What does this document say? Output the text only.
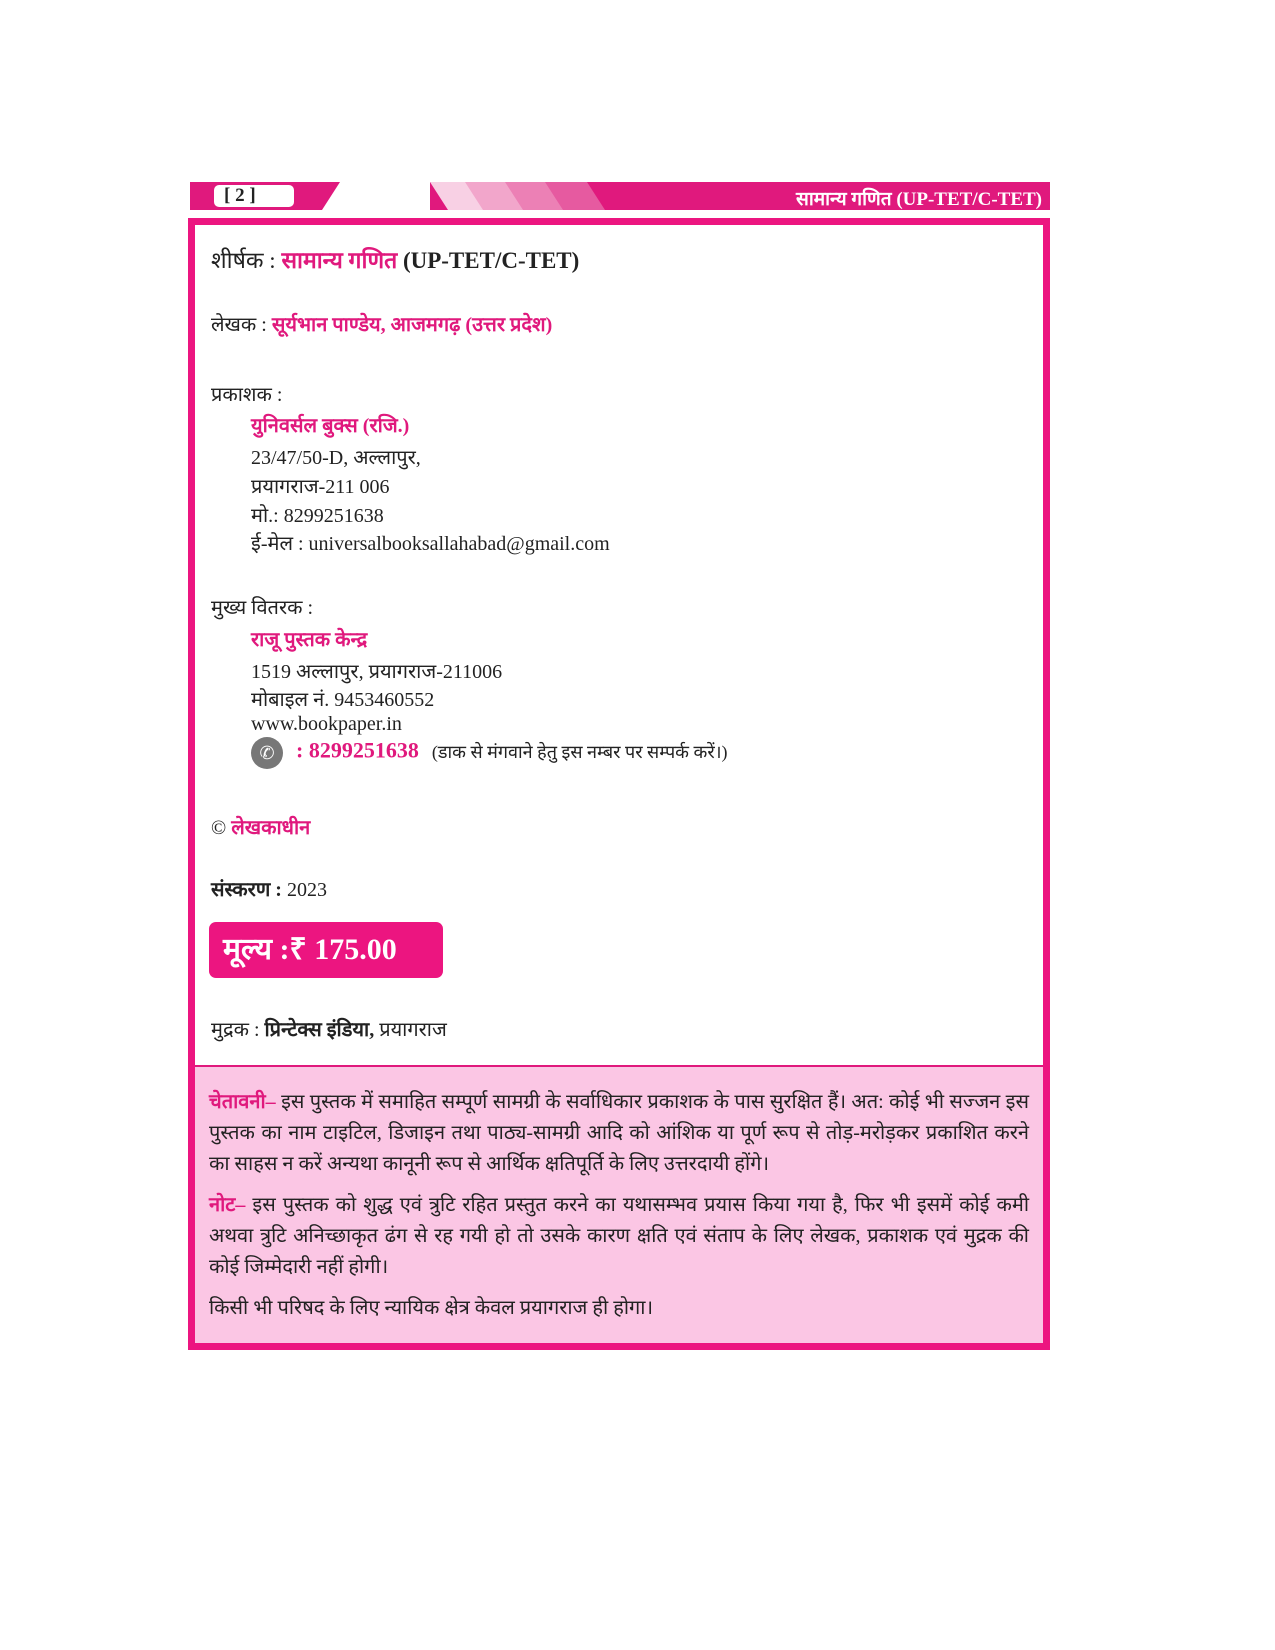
[ 2 ]	सामान्य गणित (UP-TET/C-TET)
शीर्षक : सामान्य गणित (UP-TET/C-TET)
लेखक : सूर्यभान पाण्डेय, आजमगढ़ (उत्तर प्रदेश)
प्रकाशक :
युनिवर्सल बुक्स (रजि.)
23/47/50-D, अल्लापुर,
प्रयागराज-211 006
मो.: 8299251638
ई-मेल : universalbooksallahabad@gmail.com
मुख्य वितरक :
राजू पुस्तक केन्द्र
1519 अल्लापुर, प्रयागराज-211006
मोबाइल नं. 9453460552
www.bookpaper.in
✆ : 8299251638 (डाक से मंगवाने हेतु इस नम्बर पर सम्पर्क करें।)
© लेखकाधीन
संस्करण : 2023
मूल्य :₹ 175.00
मुद्रक : प्रिन्टेक्स इंडिया, प्रयागराज

चेतावनी– इस पुस्तक में समाहित सम्पूर्ण सामग्री के सर्वाधिकार प्रकाशक के पास सुरक्षित हैं। अत: कोई भी सज्जन इस पुस्तक का नाम टाइटिल, डिजाइन तथा पाठ्य-सामग्री आदि को आंशिक या पूर्ण रूप से तोड़-मरोड़कर प्रकाशित करने का साहस न करें अन्यथा कानूनी रूप से आर्थिक क्षतिपूर्ति के लिए उत्तरदायी होंगे।

नोट– इस पुस्तक को शुद्ध एवं त्रुटि रहित प्रस्तुत करने का यथासम्भव प्रयास किया गया है, फिर भी इसमें कोई कमी अथवा त्रुटि अनिच्छाकृत ढंग से रह गयी हो तो उसके कारण क्षति एवं संताप के लिए लेखक, प्रकाशक एवं मुद्रक की कोई जिम्मेदारी नहीं होगी।

किसी भी परिषद के लिए न्यायिक क्षेत्र केवल प्रयागराज ही होगा।
